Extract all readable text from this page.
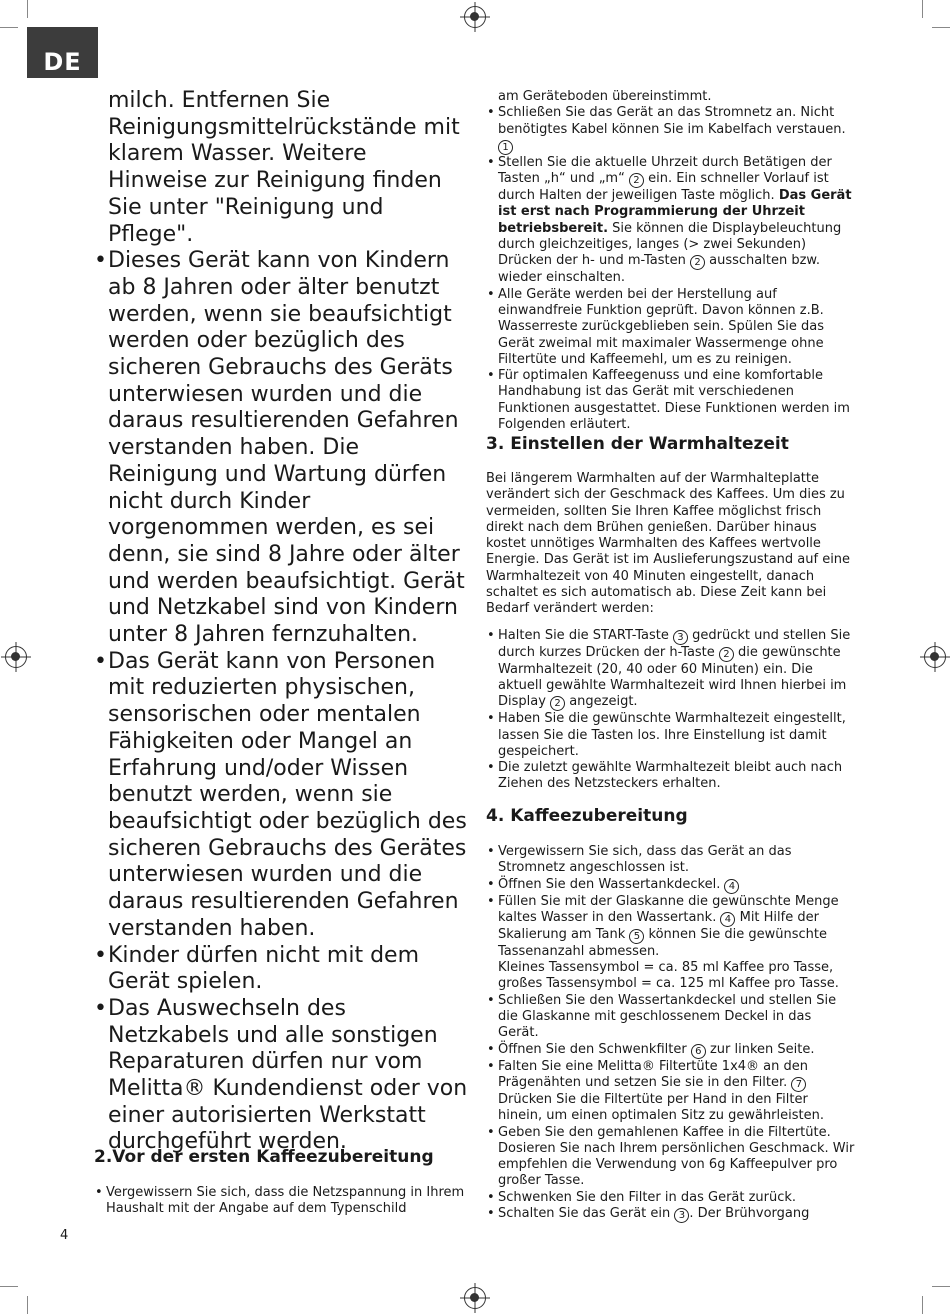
DE

milch. Entfernen Sie Reinigungsmittelrückstände mit klarem Wasser. Weitere Hinweise zur Reinigung finden Sie unter "Reinigung und Pflege".

• Dieses Gerät kann von Kindern ab 8 Jahren oder älter benutzt werden, wenn sie beaufsichtigt werden oder bezüglich des sicheren Gebrauchs des Geräts unterwiesen wurden und die daraus resultierenden Gefahren verstanden haben. Die Reinigung und Wartung dürfen nicht durch Kinder vorgenommen werden, es sei denn, sie sind 8 Jahre oder älter und werden beaufsichtigt. Gerät und Netzkabel sind von Kindern unter 8 Jahren fernzuhalten.

• Das Gerät kann von Personen mit reduzierten physischen, sensorischen oder mentalen Fähigkeiten oder Mangel an Erfahrung und/oder Wissen benutzt werden, wenn sie beaufsichtigt oder bezüglich des sicheren Gebrauchs des Gerätes unterwiesen wurden und die daraus resultierenden Gefahren verstanden haben.

• Kinder dürfen nicht mit dem Gerät spielen.

• Das Auswechseln des Netzkabels und alle sonstigen Reparaturen dürfen nur vom Melitta® Kundendienst oder von einer autorisierten Werkstatt durchgeführt werden.

2.Vor der ersten Kaffeezubereitung

• Vergewissern Sie sich, dass die Netzspannung in Ihrem Haushalt mit der Angabe auf dem Typenschild

4

am Geräteboden übereinstimmt.

• Schließen Sie das Gerät an das Stromnetz an. Nicht benötigtes Kabel können Sie im Kabelfach verstauen. 1

• Stellen Sie die aktuelle Uhrzeit durch Betätigen der Tasten „h“ und „m“ 2 ein. Ein schneller Vorlauf ist durch Halten der jeweiligen Taste möglich. Das Gerät ist erst nach Programmierung der Uhrzeit betriebsbereit. Sie können die Displaybeleuchtung durch gleichzeitiges, langes (> zwei Sekunden) Drücken der h- und m-Tasten 2 ausschalten bzw. wieder einschalten.

• Alle Geräte werden bei der Herstellung auf einwandfreie Funktion geprüft. Davon können z.B. Wasserreste zurückgeblieben sein. Spülen Sie das Gerät zweimal mit maximaler Wassermenge ohne Filtertüte und Kaffeemehl, um es zu reinigen.

• Für optimalen Kaffeegenuss und eine komfortable Handhabung ist das Gerät mit verschiedenen Funktionen ausgestattet. Diese Funktionen werden im Folgenden erläutert.

3. Einstellen der Warmhaltezeit

Bei längerem Warmhalten auf der Warmhalteplatte verändert sich der Geschmack des Kaffees. Um dies zu vermeiden, sollten Sie Ihren Kaffee möglichst frisch direkt nach dem Brühen genießen. Darüber hinaus kostet unnötiges Warmhalten des Kaffees wertvolle Energie. Das Gerät ist im Auslieferungszustand auf eine Warmhaltezeit von 40 Minuten eingestellt, danach schaltet es sich automatisch ab. Diese Zeit kann bei Bedarf verändert werden:

• Halten Sie die START-Taste 3 gedrückt und stellen Sie durch kurzes Drücken der h-Taste 2 die gewünschte Warmhaltezeit (20, 40 oder 60 Minuten) ein. Die aktuell gewählte Warmhaltezeit wird Ihnen hierbei im Display 2 angezeigt.

• Haben Sie die gewünschte Warmhaltezeit eingestellt, lassen Sie die Tasten los. Ihre Einstellung ist damit gespeichert.

• Die zuletzt gewählte Warmhaltezeit bleibt auch nach Ziehen des Netzsteckers erhalten.

4. Kaffeezubereitung

• Vergewissern Sie sich, dass das Gerät an das Stromnetz angeschlossen ist.

• Öffnen Sie den Wassertankdeckel. 4

• Füllen Sie mit der Glaskanne die gewünschte Menge kaltes Wasser in den Wassertank. 4 Mit Hilfe der Skalierung am Tank 5 können Sie die gewünschte Tassenanzahl abmessen.
Kleines Tassensymbol = ca. 85 ml Kaffee pro Tasse,
großes Tassensymbol = ca. 125 ml Kaffee pro Tasse.

• Schließen Sie den Wassertankdeckel und stellen Sie die Glaskanne mit geschlossenem Deckel in das Gerät.

• Öffnen Sie den Schwenkfilter 6 zur linken Seite.

• Falten Sie eine Melitta® Filtertüte 1x4® an den Prägenähten und setzen Sie sie in den Filter. 7 Drücken Sie die Filtertüte per Hand in den Filter hinein, um einen optimalen Sitz zu gewährleisten.

• Geben Sie den gemahlenen Kaffee in die Filtertüte. Dosieren Sie nach Ihrem persönlichen Geschmack. Wir empfehlen die Verwendung von 6g Kaffeepulver pro großer Tasse.

• Schwenken Sie den Filter in das Gerät zurück.

• Schalten Sie das Gerät ein 3 . Der Brühvorgang
